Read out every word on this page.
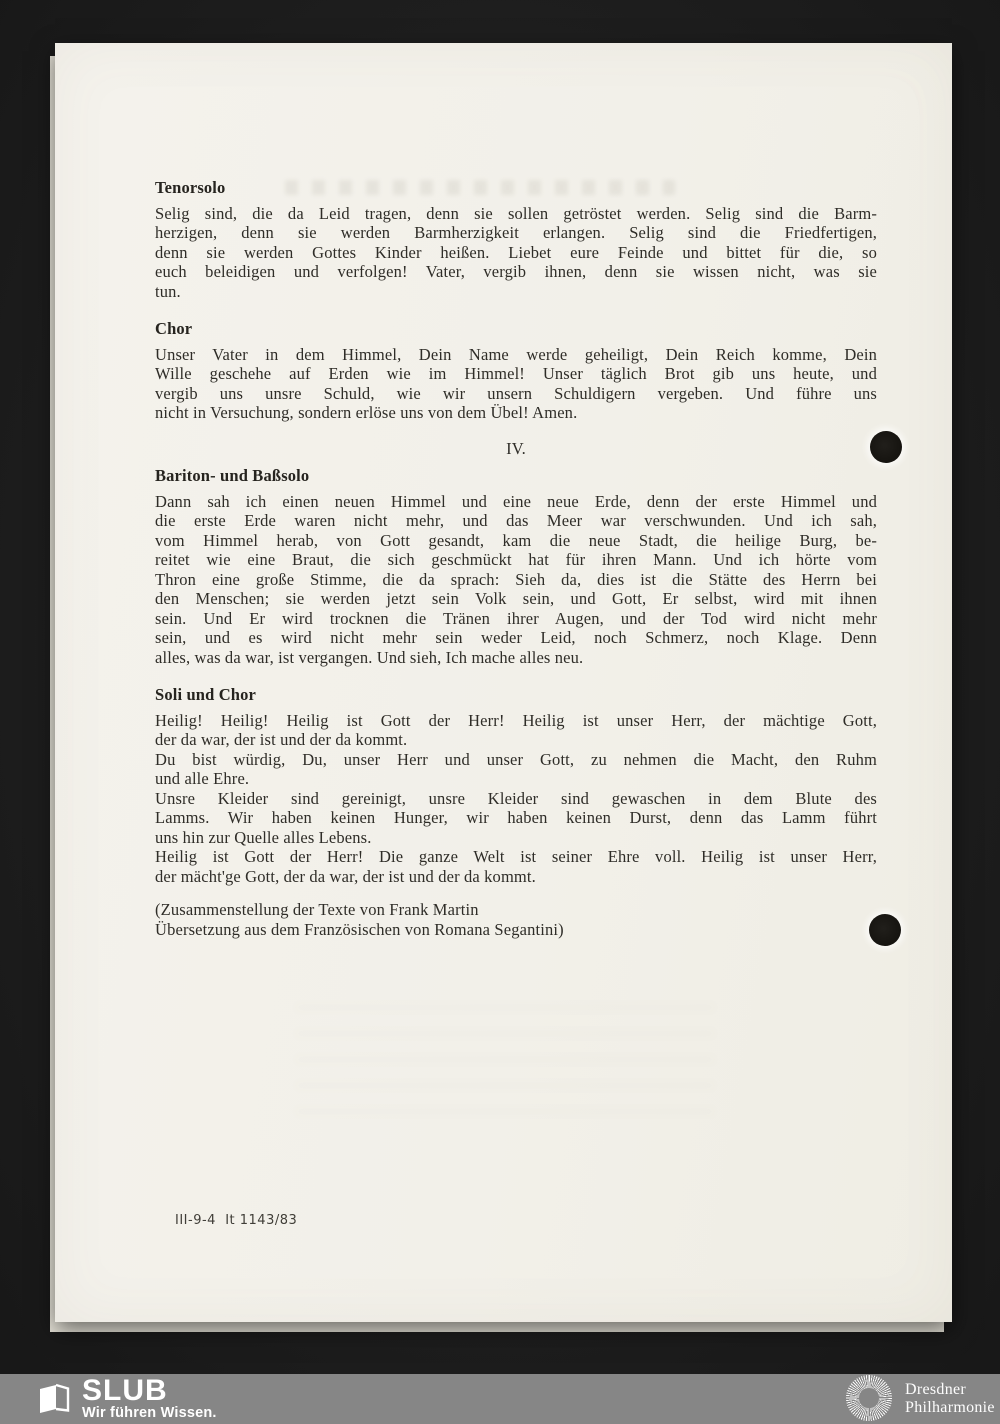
Tenorsolo
Selig sind, die da Leid tragen, denn sie sollen getröstet werden. Selig sind die Barm-
herzigen, denn sie werden Barmherzigkeit erlangen. Selig sind die Friedfertigen,
denn sie werden Gottes Kinder heißen. Liebet eure Feinde und bittet für die, so
euch beleidigen und verfolgen! Vater, vergib ihnen, denn sie wissen nicht, was sie
tun.
Chor
Unser Vater in dem Himmel, Dein Name werde geheiligt, Dein Reich komme, Dein
Wille geschehe auf Erden wie im Himmel! Unser täglich Brot gib uns heute, und
vergib uns unsre Schuld, wie wir unsern Schuldigern vergeben. Und führe uns
nicht in Versuchung, sondern erlöse uns von dem Übel! Amen.
IV.
Bariton- und Baßsolo
Dann sah ich einen neuen Himmel und eine neue Erde, denn der erste Himmel und
die erste Erde waren nicht mehr, und das Meer war verschwunden. Und ich sah,
vom Himmel herab, von Gott gesandt, kam die neue Stadt, die heilige Burg, be-
reitet wie eine Braut, die sich geschmückt hat für ihren Mann. Und ich hörte vom
Thron eine große Stimme, die da sprach: Sieh da, dies ist die Stätte des Herrn bei
den Menschen; sie werden jetzt sein Volk sein, und Gott, Er selbst, wird mit ihnen
sein. Und Er wird trocknen die Tränen ihrer Augen, und der Tod wird nicht mehr
sein, und es wird nicht mehr sein weder Leid, noch Schmerz, noch Klage. Denn
alles, was da war, ist vergangen. Und sieh, Ich mache alles neu.
Soli und Chor
Heilig! Heilig! Heilig ist Gott der Herr! Heilig ist unser Herr, der mächtige Gott,
der da war, der ist und der da kommt.
Du bist würdig, Du, unser Herr und unser Gott, zu nehmen die Macht, den Ruhm
und alle Ehre.
Unsre Kleider sind gereinigt, unsre Kleider sind gewaschen in dem Blute des
Lamms. Wir haben keinen Hunger, wir haben keinen Durst, denn das Lamm führt
uns hin zur Quelle alles Lebens.
Heilig ist Gott der Herr! Die ganze Welt ist seiner Ehre voll. Heilig ist unser Herr,
der mächt'ge Gott, der da war, der ist und der da kommt.
(Zusammenstellung der Texte von Frank Martin
Übersetzung aus dem Französischen von Romana Segantini)
III-9-4  It 1143/83
SLUB
Wir führen Wissen.
Dresdner
Philharmonie
